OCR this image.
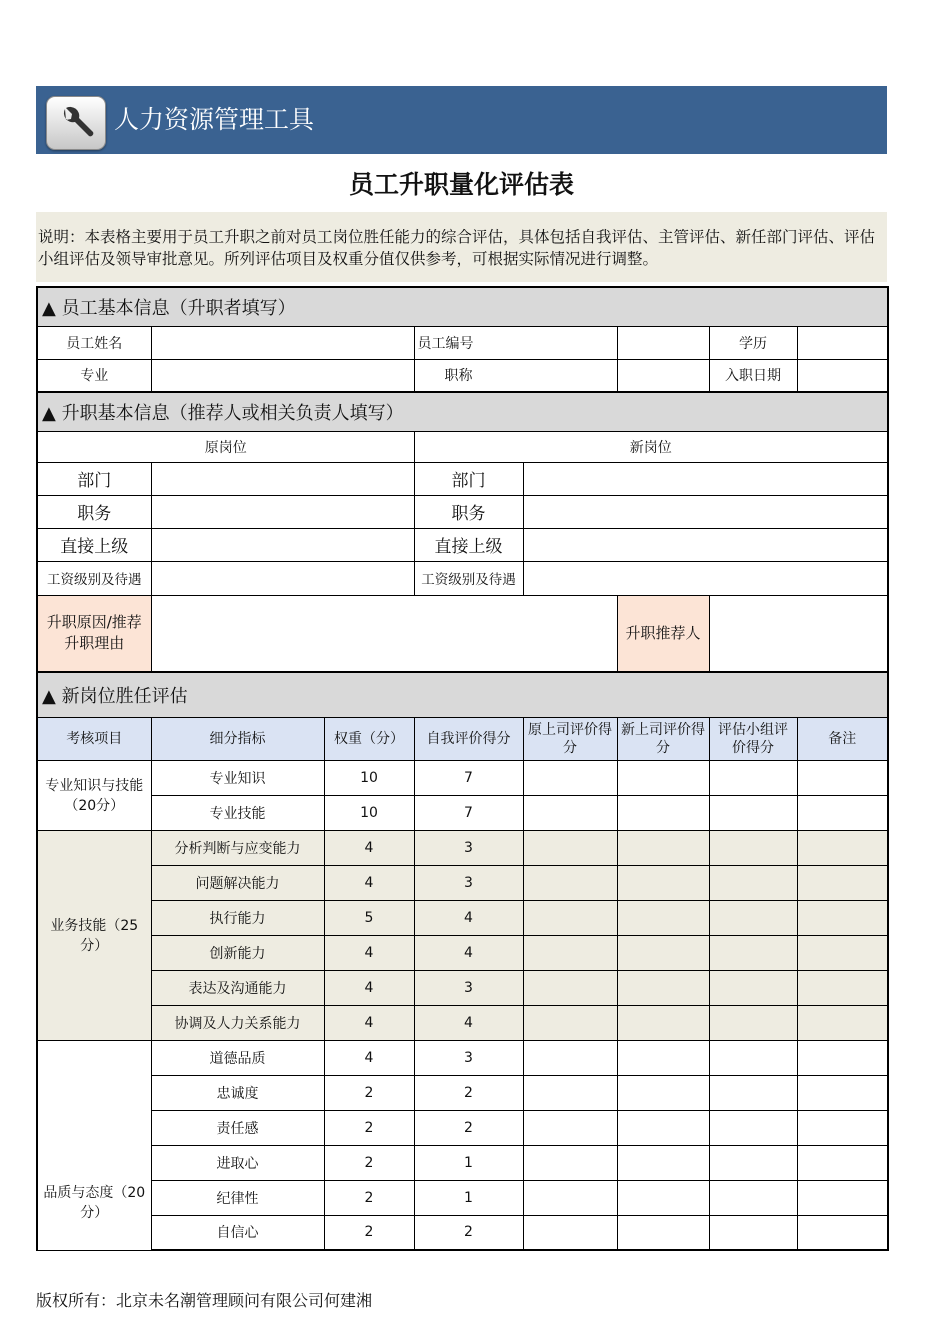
人力资源管理工具
员工升职量化评估表
说明：本表格主要用于员工升职之前对员工岗位胜任能力的综合评估，具体包括自我评估、主管评估、新任部门评估、评估小组评估及领导审批意见。所列评估项目及权重分值仅供参考，可根据实际情况进行调整。
▲ 员工基本信息（升职者填写）							
员工姓名			员工编号			学历	
专业			职称			入职日期	
▲ 升职基本信息（推荐人或相关负责人填写）							
原岗位			新岗位				
部门			部门				
职务			职务				
直接上级			直接上级				
工资级别及待遇			工资级别及待遇				
升职原因/推荐升职理由					升职推荐人		
▲ 新岗位胜任评估							
考核项目	细分指标	权重（分）	自我评价得分	原上司评价得分	新上司评价得分	评估小组评价得分	备注
专业知识与技能（20分）	专业知识	10	7				
	专业技能	10	7				
业务技能（25分）	分析判断与应变能力	4	3				
	问题解决能力	4	3				
	执行能力	5	4				
	创新能力	4	4				
	表达及沟通能力	4	3				
	协调及人力关系能力	4	4				
品质与态度（20分）	道德品质	4	3				
	忠诚度	2	2				
	责任感	2	2				
	进取心	2	1				
	纪律性	2	1				
	自信心	2	2				
版权所有：北京未名潮管理顾问有限公司何建湘
